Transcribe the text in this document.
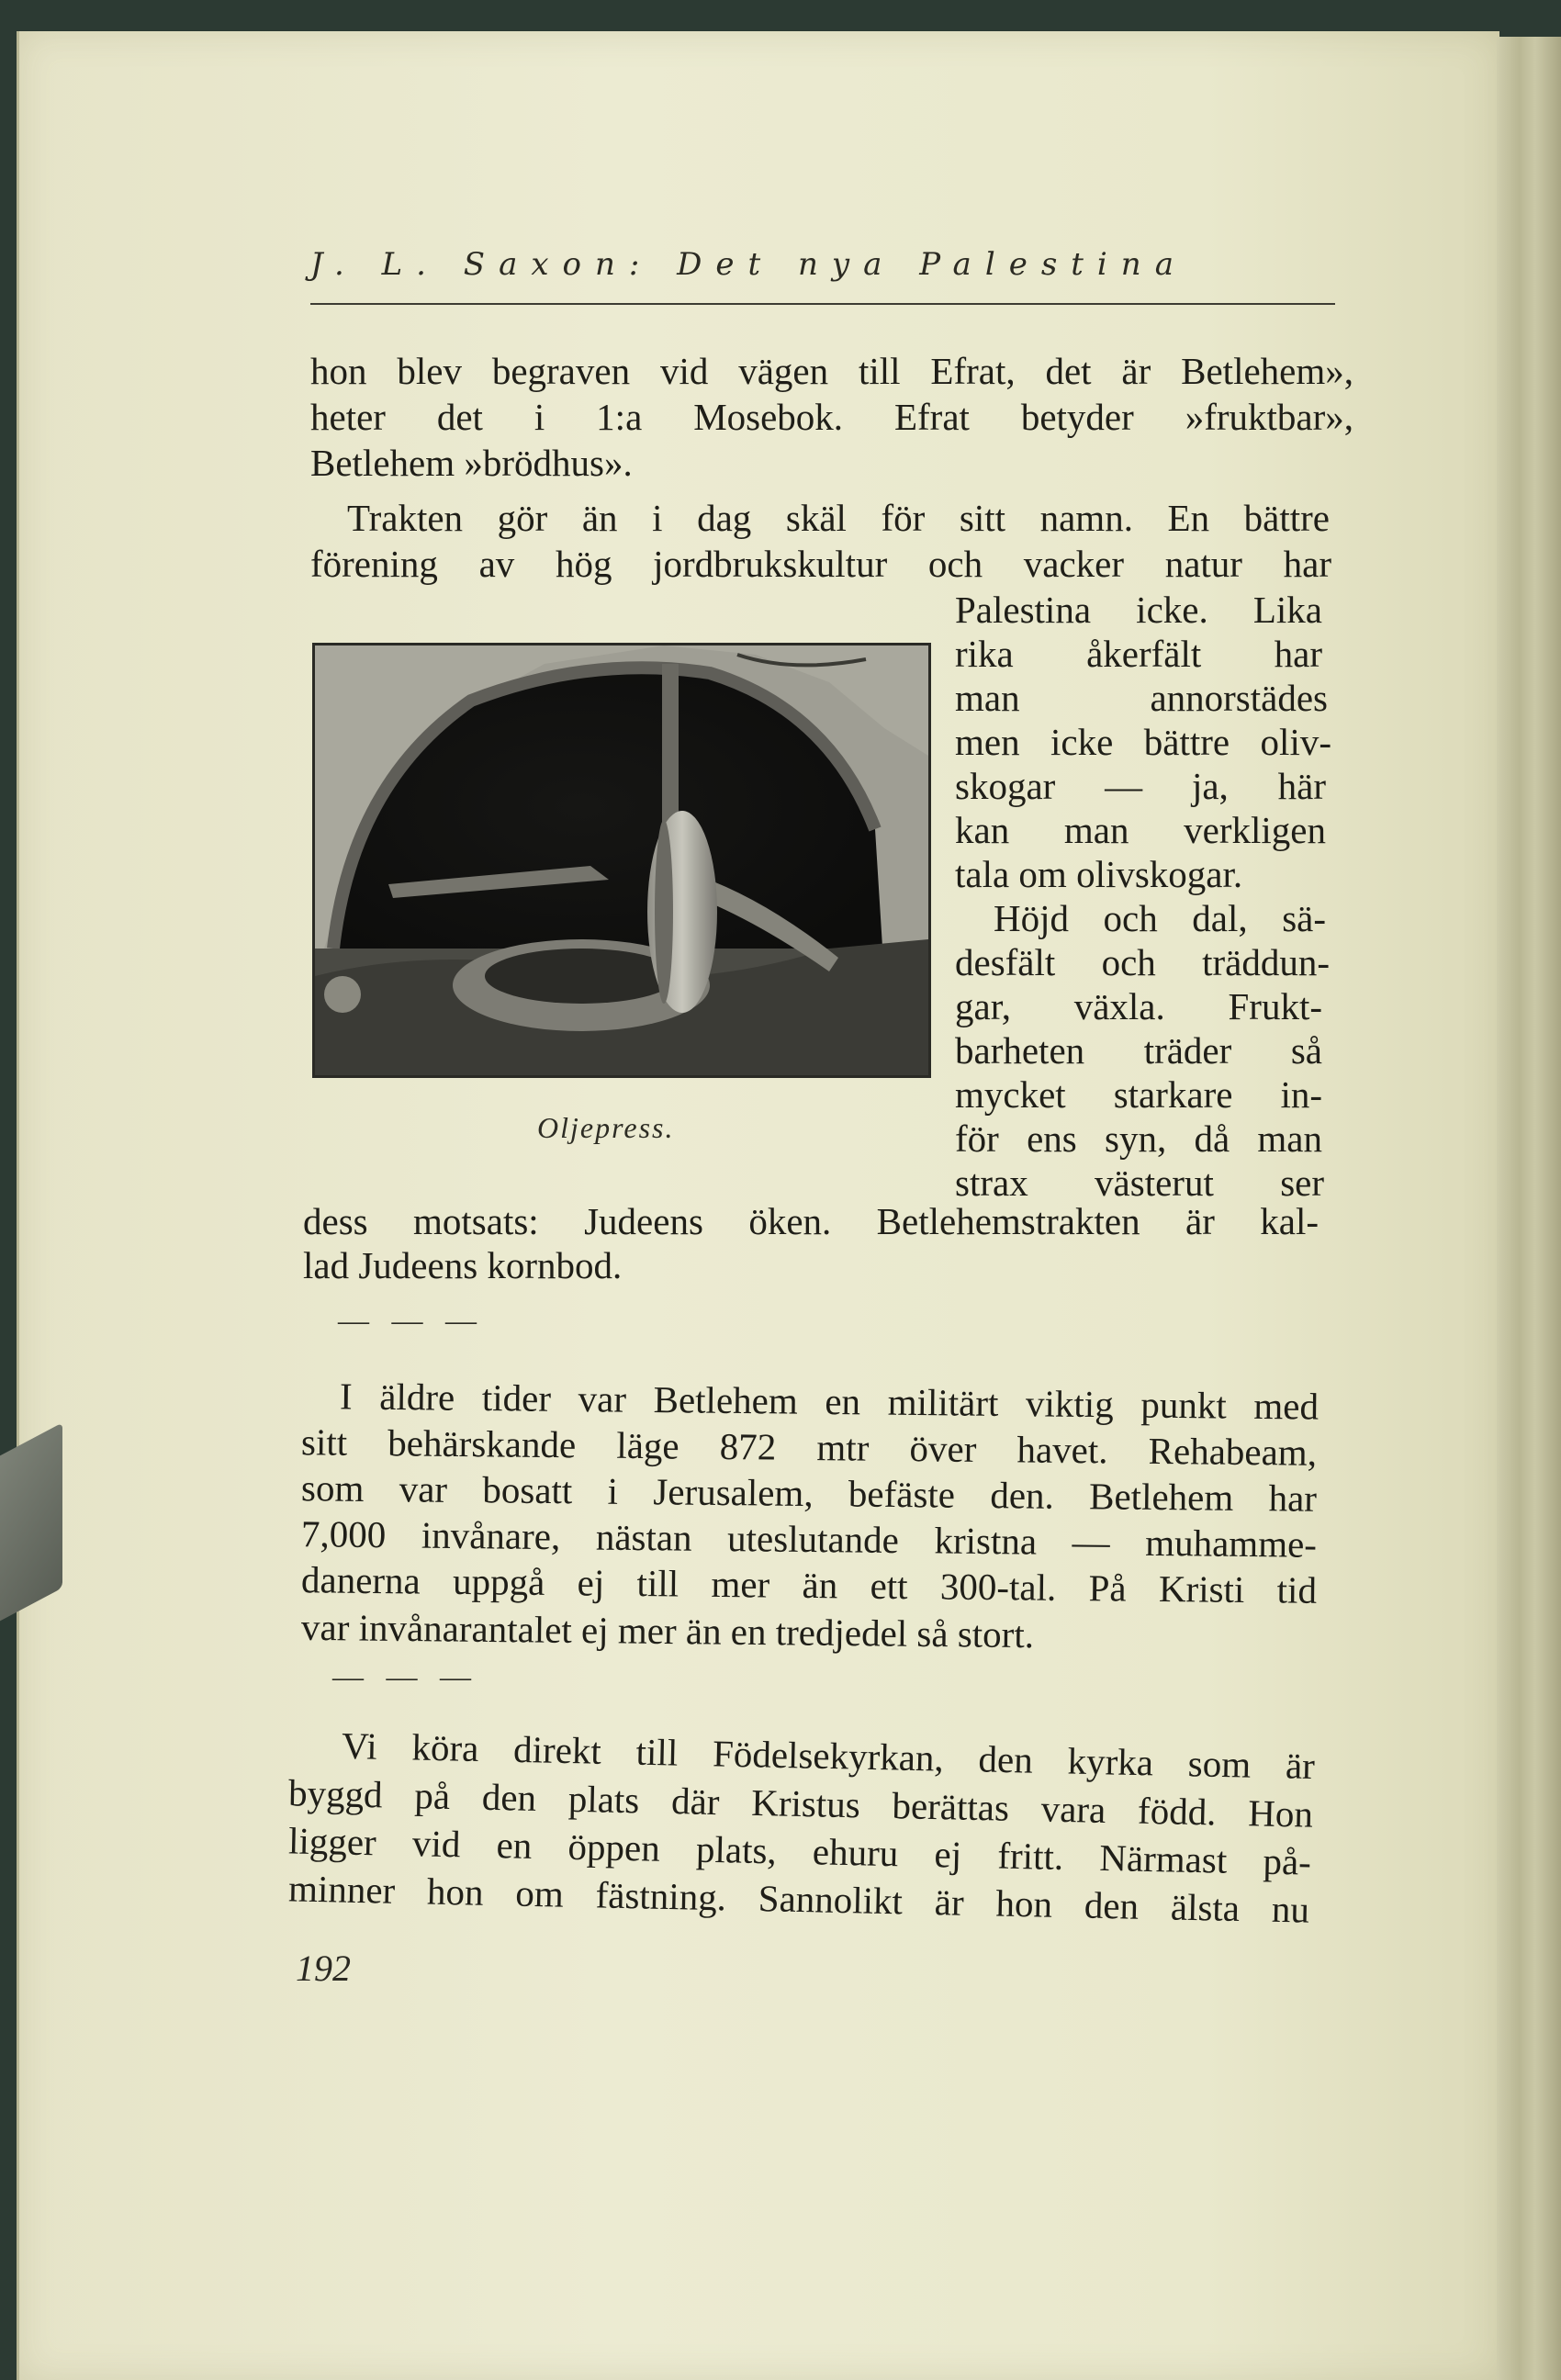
J. L. Saxon: Det nya Palestina
hon blev begraven vid vägen till Efrat, det är Betlehem»,
heter det i 1:a Mosebok. Efrat betyder »fruktbar»,
Betlehem »brödhus».
Trakten gör än i dag skäl för sitt namn. En bättre
förening av hög jordbrukskultur och vacker natur har
Oljepress.
Palestina icke. Lika
rika åkerfält har
man annorstädes
men icke bättre oliv-
skogar — ja, här
kan man verkligen
tala om olivskogar.
Höjd och dal, sä-
desfält och träddun-
gar, växla. Frukt-
barheten träder så
mycket starkare in-
för ens syn, då man
strax västerut ser
dess motsats: Judeens öken. Betlehemstrakten är kal-
lad Judeens kornbod.
— — —
I äldre tider var Betlehem en militärt viktig punkt med
sitt behärskande läge 872 mtr över havet. Rehabeam,
som var bosatt i Jerusalem, befäste den. Betlehem har
7,000 invånare, nästan uteslutande kristna — muhamme-
danerna uppgå ej till mer än ett 300-tal. På Kristi tid
var invånarantalet ej mer än en tredjedel så stort.
— — —
Vi köra direkt till Födelsekyrkan, den kyrka som är
byggd på den plats där Kristus berättas vara född. Hon
ligger vid en öppen plats, ehuru ej fritt. Närmast på-
minner hon om fästning. Sannolikt är hon den älsta nu
192
